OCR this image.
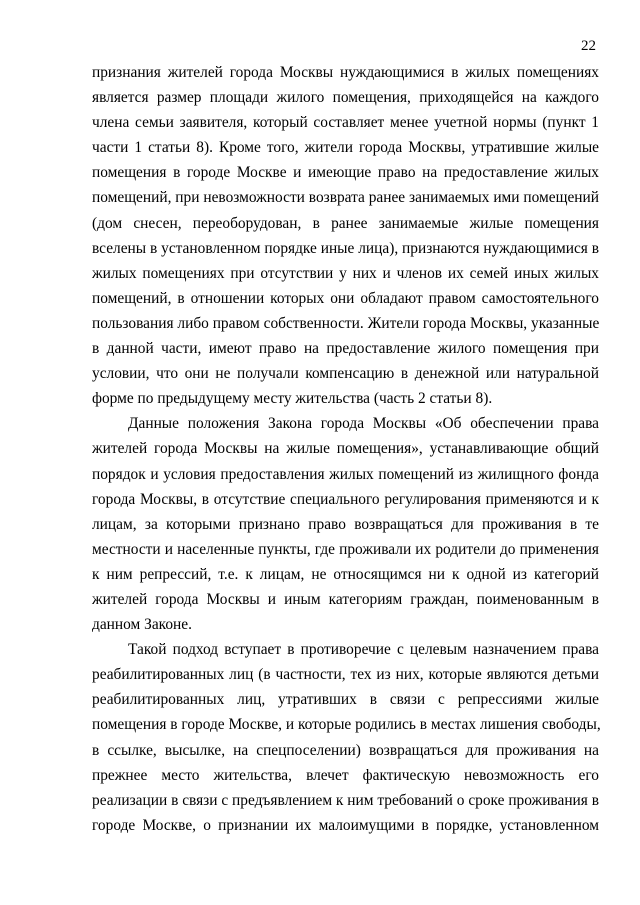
22
признания жителей города Москвы нуждающимися в жилых помещениях
является размер площади жилого помещения, приходящейся на каждого
члена семьи заявителя, который составляет менее учетной нормы (пункт 1
части 1 статьи 8). Кроме того, жители города Москвы, утратившие жилые
помещения в городе Москве и имеющие право на предоставление жилых
помещений, при невозможности возврата ранее занимаемых ими помещений
(дом снесен, переоборудован, в ранее занимаемые жилые помещения
вселены в установленном порядке иные лица), признаются нуждающимися в
жилых помещениях при отсутствии у них и членов их семей иных жилых
помещений, в отношении которых они обладают правом самостоятельного
пользования либо правом собственности. Жители города Москвы, указанные
в данной части, имеют право на предоставление жилого помещения при
условии, что они не получали компенсацию в денежной или натуральной
форме по предыдущему месту жительства (часть 2 статьи 8).
Данные положения Закона города Москвы «Об обеспечении права
жителей города Москвы на жилые помещения», устанавливающие общий
порядок и условия предоставления жилых помещений из жилищного фонда
города Москвы, в отсутствие специального регулирования применяются и к
лицам, за которыми признано право возвращаться для проживания в те
местности и населенные пункты, где проживали их родители до применения
к ним репрессий, т.е. к лицам, не относящимся ни к одной из категорий
жителей города Москвы и иным категориям граждан, поименованным в
данном Законе.
Такой подход вступает в противоречие с целевым назначением права
реабилитированных лиц (в частности, тех из них, которые являются детьми
реабилитированных лиц, утративших в связи с репрессиями жилые
помещения в городе Москве, и которые родились в местах лишения свободы,
в ссылке, высылке, на спецпоселении) возвращаться для проживания на
прежнее место жительства, влечет фактическую невозможность его
реализации в связи с предъявлением к ним требований о сроке проживания в
городе Москве, о признании их малоимущими в порядке, установленном
